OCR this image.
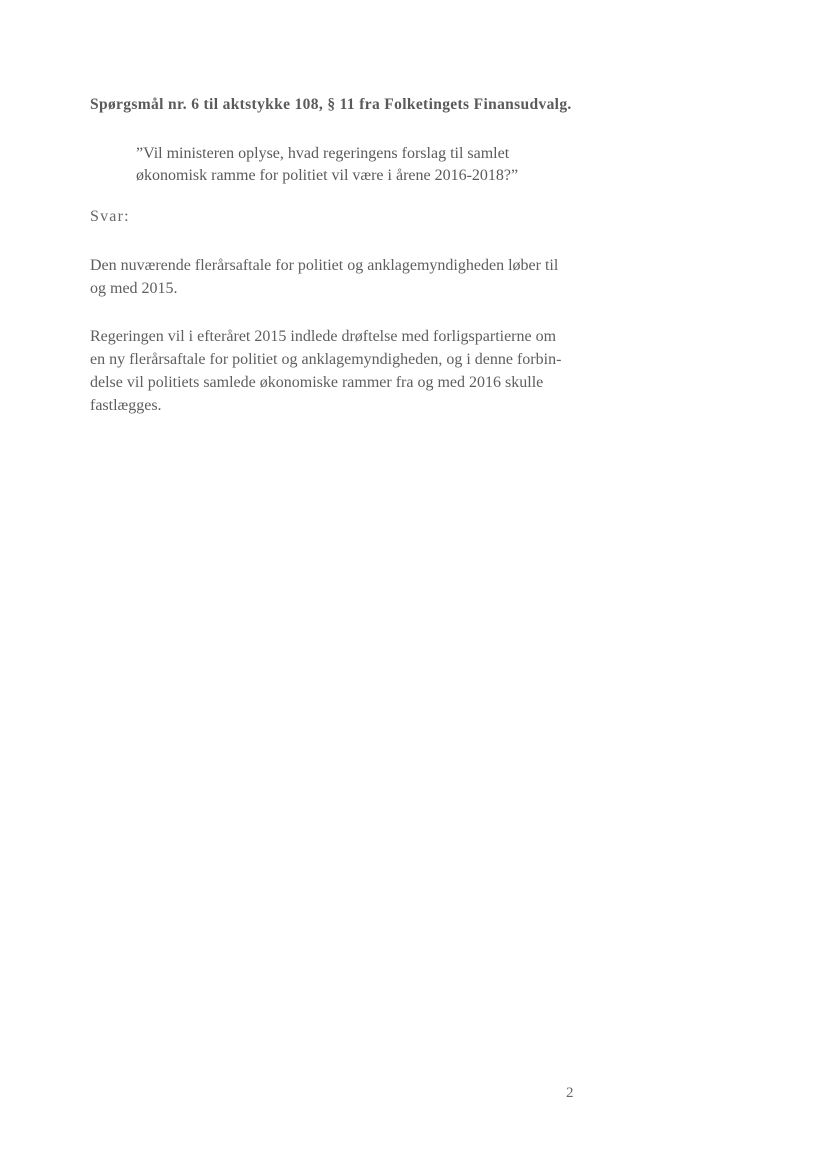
Spørgsmål nr. 6 til aktstykke 108, § 11 fra Folketingets Finansudvalg.
”Vil ministeren oplyse, hvad regeringens forslag til samlet
økonomisk ramme for politiet vil være i årene 2016-2018?”
Svar:
Den nuværende flerårsaftale for politiet og anklagemyndigheden løber til
og med 2015.
Regeringen vil i efteråret 2015 indlede drøftelse med forligspartierne om
en ny flerårsaftale for politiet og anklagemyndigheden, og i denne forbin-
delse vil politiets samlede økonomiske rammer fra og med 2016 skulle
fastlægges.
2
